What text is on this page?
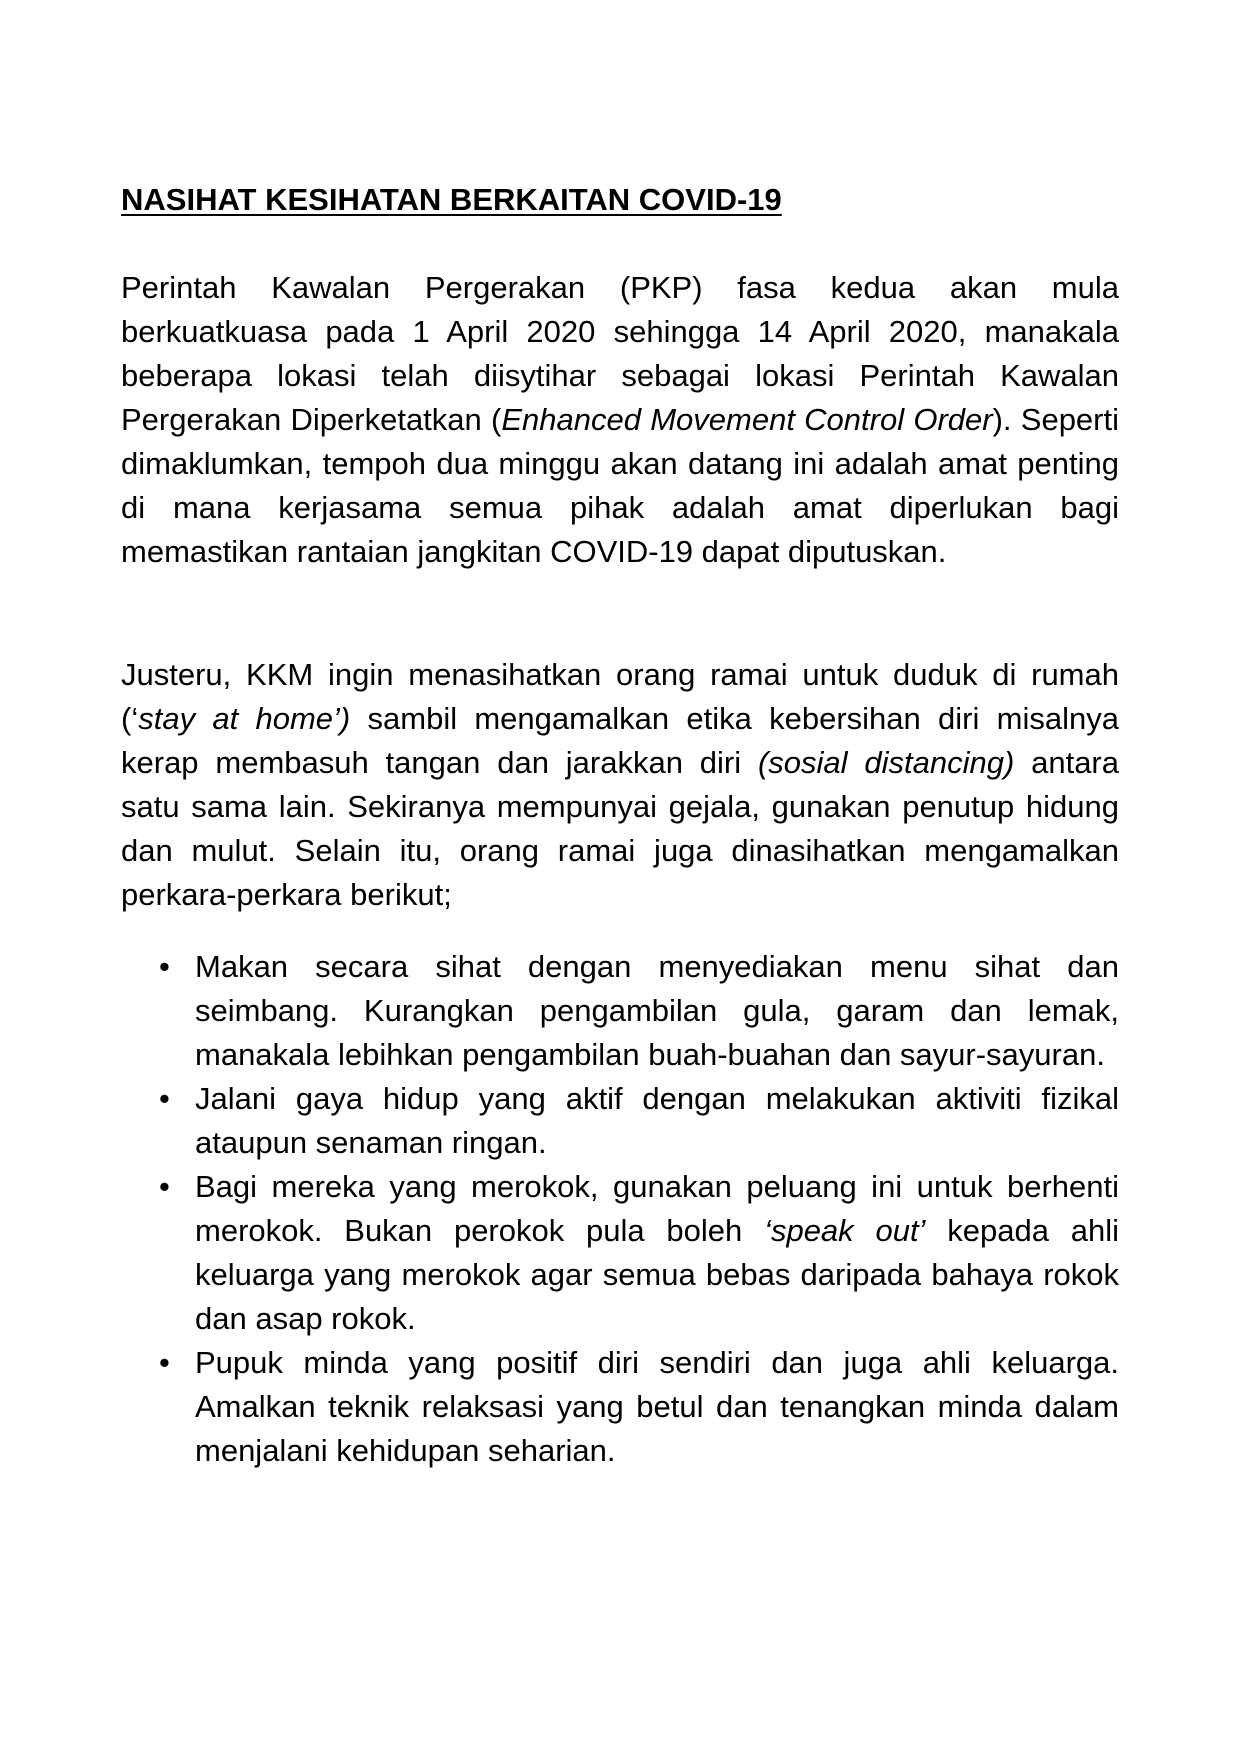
NASIHAT KESIHATAN BERKAITAN COVID-19

Perintah Kawalan Pergerakan (PKP) fasa kedua akan mula berkuatkuasa pada 1 April 2020 sehingga 14 April 2020, manakala beberapa lokasi telah diisytihar sebagai lokasi Perintah Kawalan Pergerakan Diperketatkan (Enhanced Movement Control Order). Seperti dimaklumkan, tempoh dua minggu akan datang ini adalah amat penting di mana kerjasama semua pihak adalah amat diperlukan bagi memastikan rantaian jangkitan COVID-19 dapat diputuskan.

Justeru, KKM ingin menasihatkan orang ramai untuk duduk di rumah (‘stay at home’) sambil mengamalkan etika kebersihan diri misalnya kerap membasuh tangan dan jarakkan diri (sosial distancing) antara satu sama lain. Sekiranya mempunyai gejala, gunakan penutup hidung dan mulut. Selain itu, orang ramai juga dinasihatkan mengamalkan perkara-perkara berikut;

• Makan secara sihat dengan menyediakan menu sihat dan seimbang. Kurangkan pengambilan gula, garam dan lemak, manakala lebihkan pengambilan buah-buahan dan sayur-sayuran.
• Jalani gaya hidup yang aktif dengan melakukan aktiviti fizikal ataupun senaman ringan.
• Bagi mereka yang merokok, gunakan peluang ini untuk berhenti merokok. Bukan perokok pula boleh ‘speak out’ kepada ahli keluarga yang merokok agar semua bebas daripada bahaya rokok dan asap rokok.
• Pupuk minda yang positif diri sendiri dan juga ahli keluarga. Amalkan teknik relaksasi yang betul dan tenangkan minda dalam menjalani kehidupan seharian.
